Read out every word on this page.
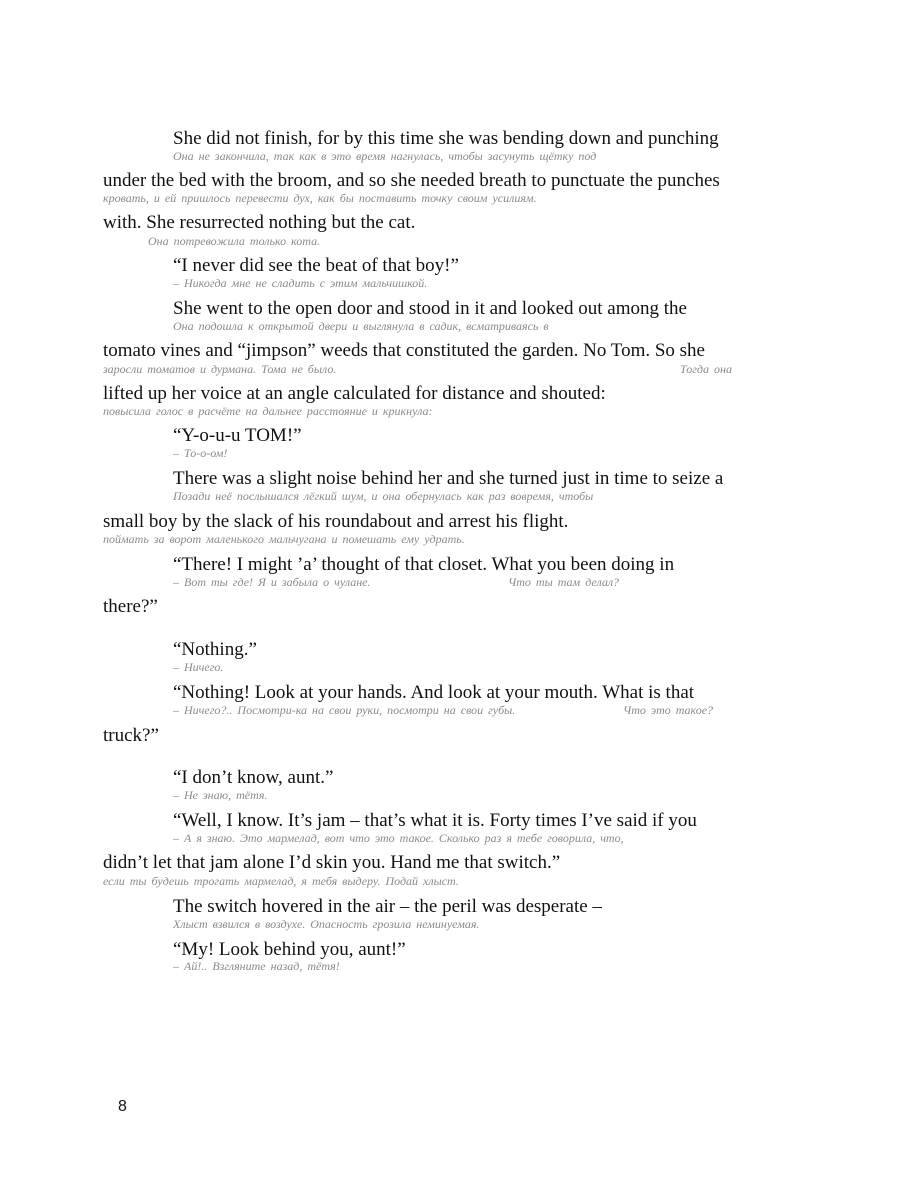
She did not finish, for by this time she was bending down and punching
Она не закончила, так как в это время нагнулась, чтобы засунуть щётку под
under the bed with the broom, and so she needed breath to punctuate the punches
кровать, и ей пришлось перевести дух, как бы поставить точку своим усилиям.
with. She resurrected nothing but the cat.
Она потревожила только кота.
“I never did see the beat of that boy!”
– Никогда мне не сладить с этим мальчишкой.
She went to the open door and stood in it and looked out among the
Она подошла к открытой двери и выглянула в садик, всматриваясь в
tomato vines and “jimpson” weeds that constituted the garden. No Tom. So she
заросли томатов и дурмана. Тома не было.	Тогда она
lifted up her voice at an angle calculated for distance and shouted:
повысила голос в расчёте на дальнее расстояние и крикнула:
“Y-o-u-u TOM!”
– То-о-ом!
There was a slight noise behind her and she turned just in time to seize a
Позади неё послышался лёгкий шум, и она обернулась как раз вовремя, чтобы
small boy by the slack of his roundabout and arrest his flight.
поймать за ворот маленького мальчугана и помешать ему удрать.
“There! I might ’a’ thought of that closet. What you been doing in
– Вот ты где! Я и забыла о чулане.	Что ты там делал?
there?”
“Nothing.”
– Ничего.
“Nothing! Look at your hands. And look at your mouth. What is that
– Ничего?.. Посмотри-ка на свои руки, посмотри на свои губы.	Что это такое?
truck?”
“I don’t know, aunt.”
– Не знаю, тётя.
“Well, I know. It’s jam – that’s what it is. Forty times I’ve said if you
– А я знаю. Это мармелад, вот что это такое. Сколько раз я тебе говорила, что,
didn’t let that jam alone I’d skin you. Hand me that switch.”
если ты будешь трогать мармелад, я тебя выдеру. Подай хлыст.
The switch hovered in the air – the peril was desperate –
Хлыст взвился в воздухе. Опасность грозила неминуемая.
“My! Look behind you, aunt!”
– Ай!.. Взгляните назад, тётя!
8
